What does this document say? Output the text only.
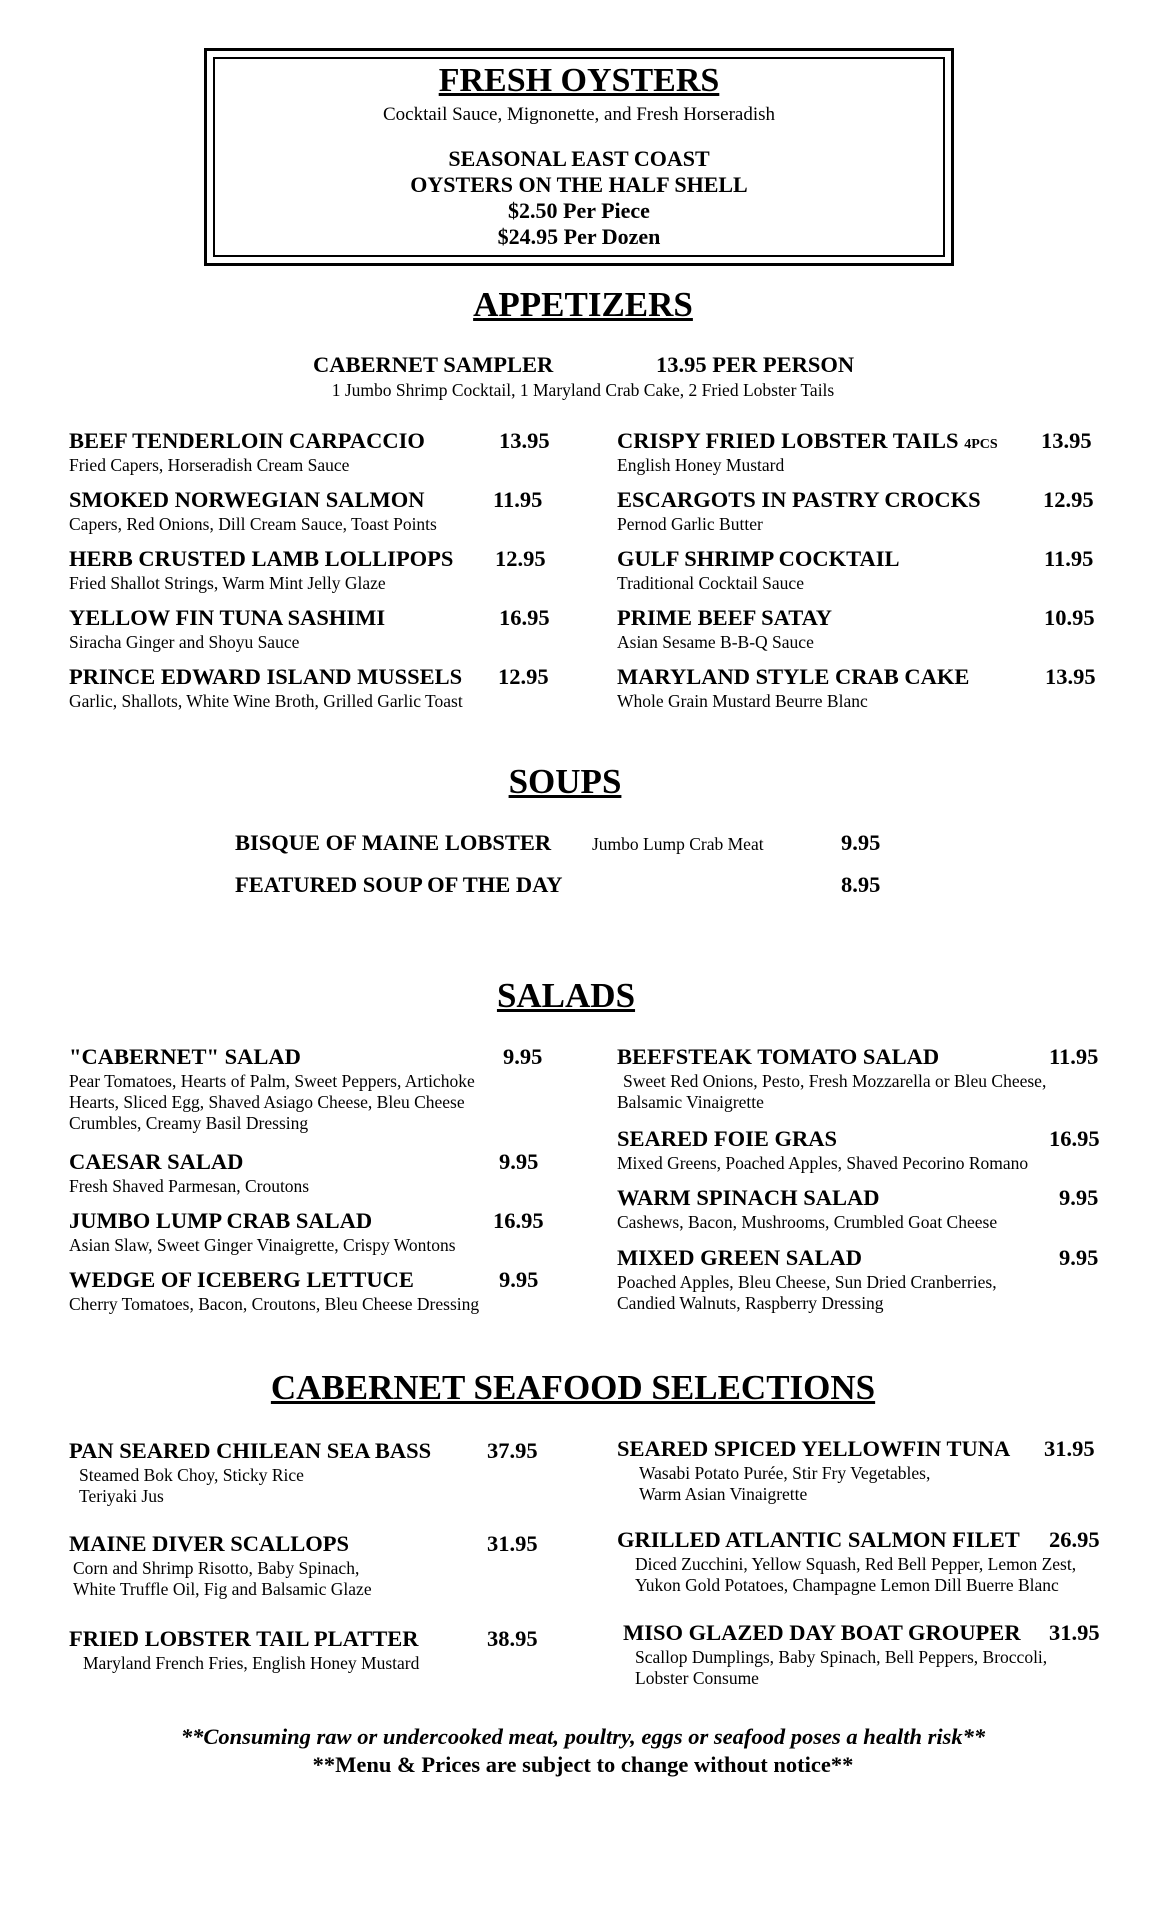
FRESH OYSTERS
Cocktail Sauce, Mignonette, and Fresh Horseradish
SEASONAL EAST COAST
OYSTERS ON THE HALF SHELL
$2.50 Per Piece
$24.95 Per Dozen
APPETIZERS
CABERNET SAMPLER	13.95 PER PERSON
1 Jumbo Shrimp Cocktail, 1 Maryland Crab Cake, 2 Fried Lobster Tails
BEEF TENDERLOIN CARPACCIO	13.95
Fried Capers, Horseradish Cream Sauce
SMOKED NORWEGIAN SALMON	11.95
Capers, Red Onions, Dill Cream Sauce, Toast Points
HERB CRUSTED LAMB LOLLIPOPS 12.95
Fried Shallot Strings, Warm Mint Jelly Glaze
YELLOW FIN TUNA SASHIMI	16.95
Siracha Ginger and Shoyu Sauce
PRINCE EDWARD ISLAND MUSSELS 12.95
Garlic, Shallots, White Wine Broth, Grilled Garlic Toast
CRISPY FRIED LOBSTER TAILS 4PCS 13.95
English Honey Mustard
ESCARGOTS IN PASTRY CROCKS	12.95
Pernod Garlic Butter
GULF SHRIMP COCKTAIL	11.95
Traditional Cocktail Sauce
PRIME BEEF SATAY	10.95
Asian Sesame B-B-Q Sauce
MARYLAND STYLE CRAB CAKE	13.95
Whole Grain Mustard Beurre Blanc
SOUPS
BISQUE OF MAINE LOBSTER Jumbo Lump Crab Meat	9.95
FEATURED SOUP OF THE DAY	8.95
SALADS
"CABERNET" SALAD	9.95
Pear Tomatoes, Hearts of Palm, Sweet Peppers, Artichoke
Hearts, Sliced Egg, Shaved Asiago Cheese, Bleu Cheese
Crumbles, Creamy Basil Dressing
CAESAR SALAD	9.95
Fresh Shaved Parmesan, Croutons
JUMBO LUMP CRAB SALAD	16.95
Asian Slaw, Sweet Ginger Vinaigrette, Crispy Wontons
WEDGE OF ICEBERG LETTUCE	9.95
Cherry Tomatoes, Bacon, Croutons, Bleu Cheese Dressing
BEEFSTEAK TOMATO SALAD	11.95
Sweet Red Onions, Pesto, Fresh Mozzarella or Bleu Cheese,
Balsamic Vinaigrette
SEARED FOIE GRAS	16.95
Mixed Greens, Poached Apples, Shaved Pecorino Romano
WARM SPINACH SALAD	9.95
Cashews, Bacon, Mushrooms, Crumbled Goat Cheese
MIXED GREEN SALAD	9.95
Poached Apples, Bleu Cheese, Sun Dried Cranberries,
Candied Walnuts, Raspberry Dressing
CABERNET SEAFOOD SELECTIONS
PAN SEARED CHILEAN SEA BASS 37.95
Steamed Bok Choy, Sticky Rice
Teriyaki Jus
MAINE DIVER SCALLOPS	31.95
Corn and Shrimp Risotto, Baby Spinach,
White Truffle Oil, Fig and Balsamic Glaze
FRIED LOBSTER TAIL PLATTER	38.95
Maryland French Fries, English Honey Mustard
SEARED SPICED YELLOWFIN TUNA 31.95
Wasabi Potato Purée, Stir Fry Vegetables,
Warm Asian Vinaigrette
GRILLED ATLANTIC SALMON FILET 26.95
Diced Zucchini, Yellow Squash, Red Bell Pepper, Lemon Zest,
Yukon Gold Potatoes, Champagne Lemon Dill Buerre Blanc
MISO GLAZED DAY BOAT GROUPER 31.95
Scallop Dumplings, Baby Spinach, Bell Peppers, Broccoli,
Lobster Consume
**Consuming raw or undercooked meat, poultry, eggs or seafood poses a health risk**
**Menu & Prices are subject to change without notice**
